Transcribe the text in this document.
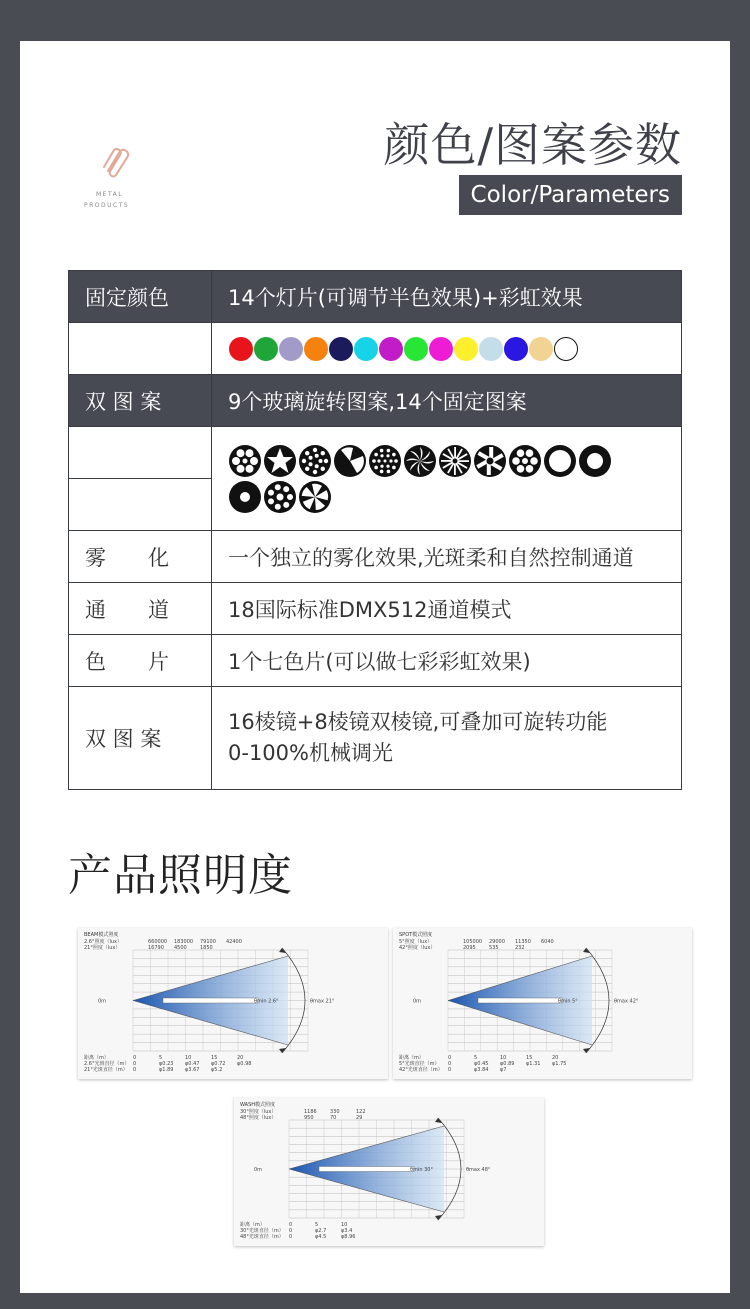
METAL
PRODUCTS
颜色/图案参数
Color/Parameters
固定颜色	14个灯片(可调节半色效果)+彩虹效果

双 图 案	9个玻璃旋转图案,14个固定图案

雾　　化	一个独立的雾化效果,光斑柔和自然控制通道
通　　道	18国际标准DMX512通道模式
色　　片	1个七色片(可以做七彩彩虹效果)
双 图 案	16棱镜+8棱镜双棱镜,可叠加可旋转功能
0-100%机械调光
产品照明度
BEAM模式照度
2.6°照度（lux）	660000 183000 79100 42400
21°照度（lux）	16790 4500	1850
0m	θmin 2.6°	θmax 21°
距离（m）	0	5	10	15	20
2.6°光斑直径（m） 0	φ0.23 φ0.47 φ0.72 φ0.98
21°光斑直径（m） 0	φ1.89 φ3.67 φ5.2
SPOT模式照度
5°照度（lux）	105000 29000 11350 6040
42°照度（lux）	2095	535	232
0m	θmin 5°	θmax 42°
距离（m）	0	5	10	15	20
5°光斑直径（m） 0	φ0.45 φ0.89 φ1.31 φ1.75
42°光斑直径（m） 0	φ3.84 φ7
WASH模式照度
30°照度（lux）	1186	330	122
48°照度（lux）	950	70	29
0m	θmin 30°	θmax 48°
距离（m）	0	5	10
30°光斑直径（m） 0	φ2.7	φ3.4
48°光斑直径（m） 0	φ4.5	φ8.96
